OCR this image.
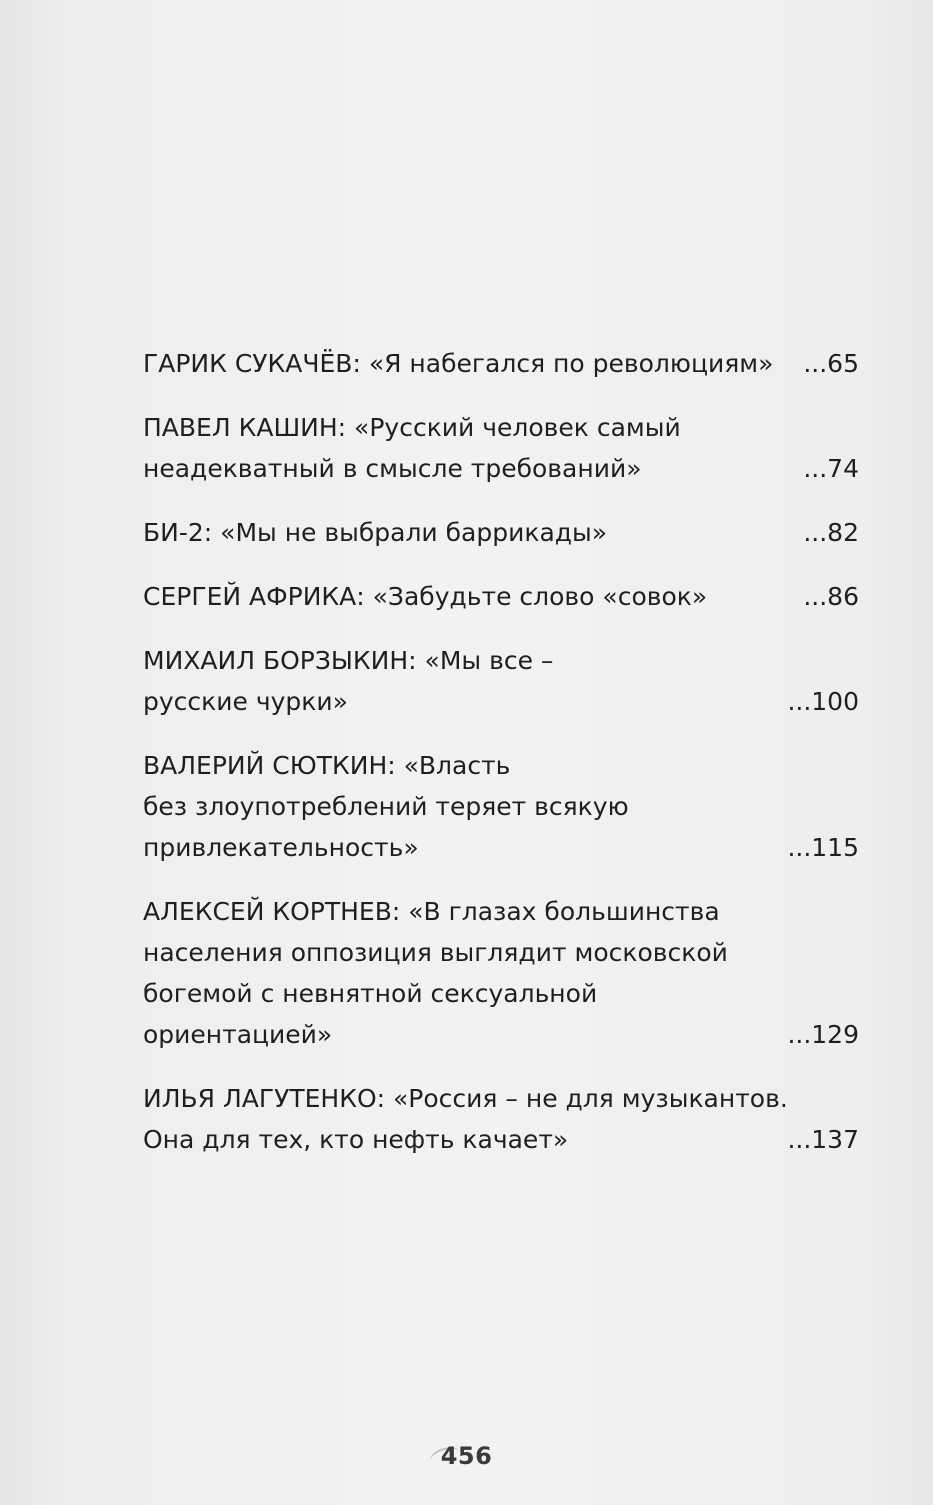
ГАРИК СУКАЧЁВ: «Я набегался по революциям» ...65
ПАВЕЛ КАШИН: «Русский человек самый
неадекватный в смысле требований»	...74
БИ-2: «Мы не выбрали баррикады»	...82
СЕРГЕЙ АФРИКА: «Забудьте слово «совок»	...86
МИХАИЛ БОРЗЫКИН: «Мы все –
русские чурки»	...100
ВАЛЕРИЙ СЮТКИН: «Власть
без злоупотреблений теряет всякую
привлекательность»	...115
АЛЕКСЕЙ КОРТНЕВ: «В глазах большинства
населения оппозиция выглядит московской
богемой с невнятной сексуальной
ориентацией»	...129
ИЛЬЯ ЛАГУТЕНКО: «Россия – не для музыкантов.
Она для тех, кто нефть качает»	...137
456
